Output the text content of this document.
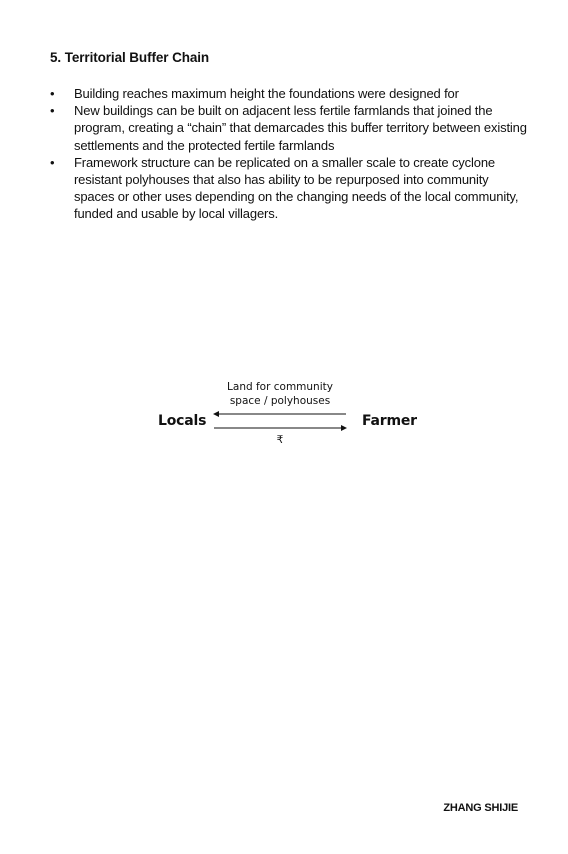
5. Territorial Buffer Chain
• Building reaches maximum height the foundations were designed for
• New buildings can be built on adjacent less fertile farmlands that joined the program, creating a “chain” that demarcades this buffer territory between existing settlements and the protected fertile farmlands
• Framework structure can be replicated on a smaller scale to create cyclone resistant polyhouses that also has ability to be repurposed into community spaces or other uses depending on the changing needs of the local community, funded and usable by local villagers.
Land for community space / polyhouses
Locals	Farmer
₹
ZHANG SHIJIE
